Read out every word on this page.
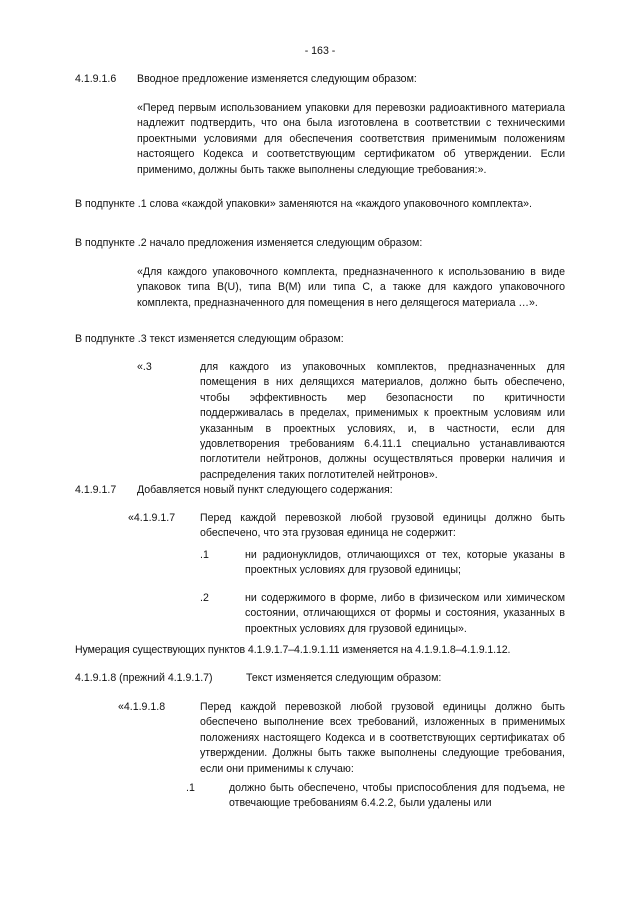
- 163 -
4.1.9.1.6 Вводное предложение изменяется следующим образом:
«Перед первым использованием упаковки для перевозки радиоактивного материала надлежит подтвердить, что она была изготовлена в соответствии с техническими проектными условиями для обеспечения соответствия применимым положениям настоящего Кодекса и соответствующим сертификатом об утверждении. Если применимо, должны быть также выполнены следующие требования:».
В подпункте .1 слова «каждой упаковки» заменяются на «каждого упаковочного комплекта».
В подпункте .2 начало предложения изменяется следующим образом:
«Для каждого упаковочного комплекта, предназначенного к использованию в виде упаковок типа B(U), типа B(M) или типа C, а также для каждого упаковочного комплекта, предназначенного для помещения в него делящегося материала …».
В подпункте .3 текст изменяется следующим образом:
«.3	для каждого из упаковочных комплектов, предназначенных для помещения в них делящихся материалов, должно быть обеспечено, чтобы эффективность мер безопасности по критичности поддерживалась в пределах, применимых к проектным условиям или указанным в проектных условиях, и, в частности, если для удовлетворения требованиям 6.4.11.1 специально устанавливаются поглотители нейтронов, должны осуществляться проверки наличия и распределения таких поглотителей нейтронов».
4.1.9.1.7 Добавляется новый пункт следующего содержания:
«4.1.9.1.7 Перед каждой перевозкой любой грузовой единицы должно быть обеспечено, что эта грузовая единица не содержит:
.1	ни радионуклидов, отличающихся от тех, которые указаны в проектных условиях для грузовой единицы;
.2	ни содержимого в форме, либо в физическом или химическом состоянии, отличающихся от формы и состояния, указанных в проектных условиях для грузовой единицы».
Нумерация существующих пунктов 4.1.9.1.7–4.1.9.1.11 изменяется на 4.1.9.1.8–4.1.9.1.12.
4.1.9.1.8 (прежний 4.1.9.1.7)	Текст изменяется следующим образом:
«4.1.9.1.8	Перед каждой перевозкой любой грузовой единицы должно быть обеспечено выполнение всех требований, изложенных в применимых положениях настоящего Кодекса и в соответствующих сертификатах об утверждении. Должны быть также выполнены следующие требования, если они применимы к случаю:
.1	должно быть обеспечено, чтобы приспособления для подъема, не отвечающие требованиям 6.4.2.2, были удалены или
